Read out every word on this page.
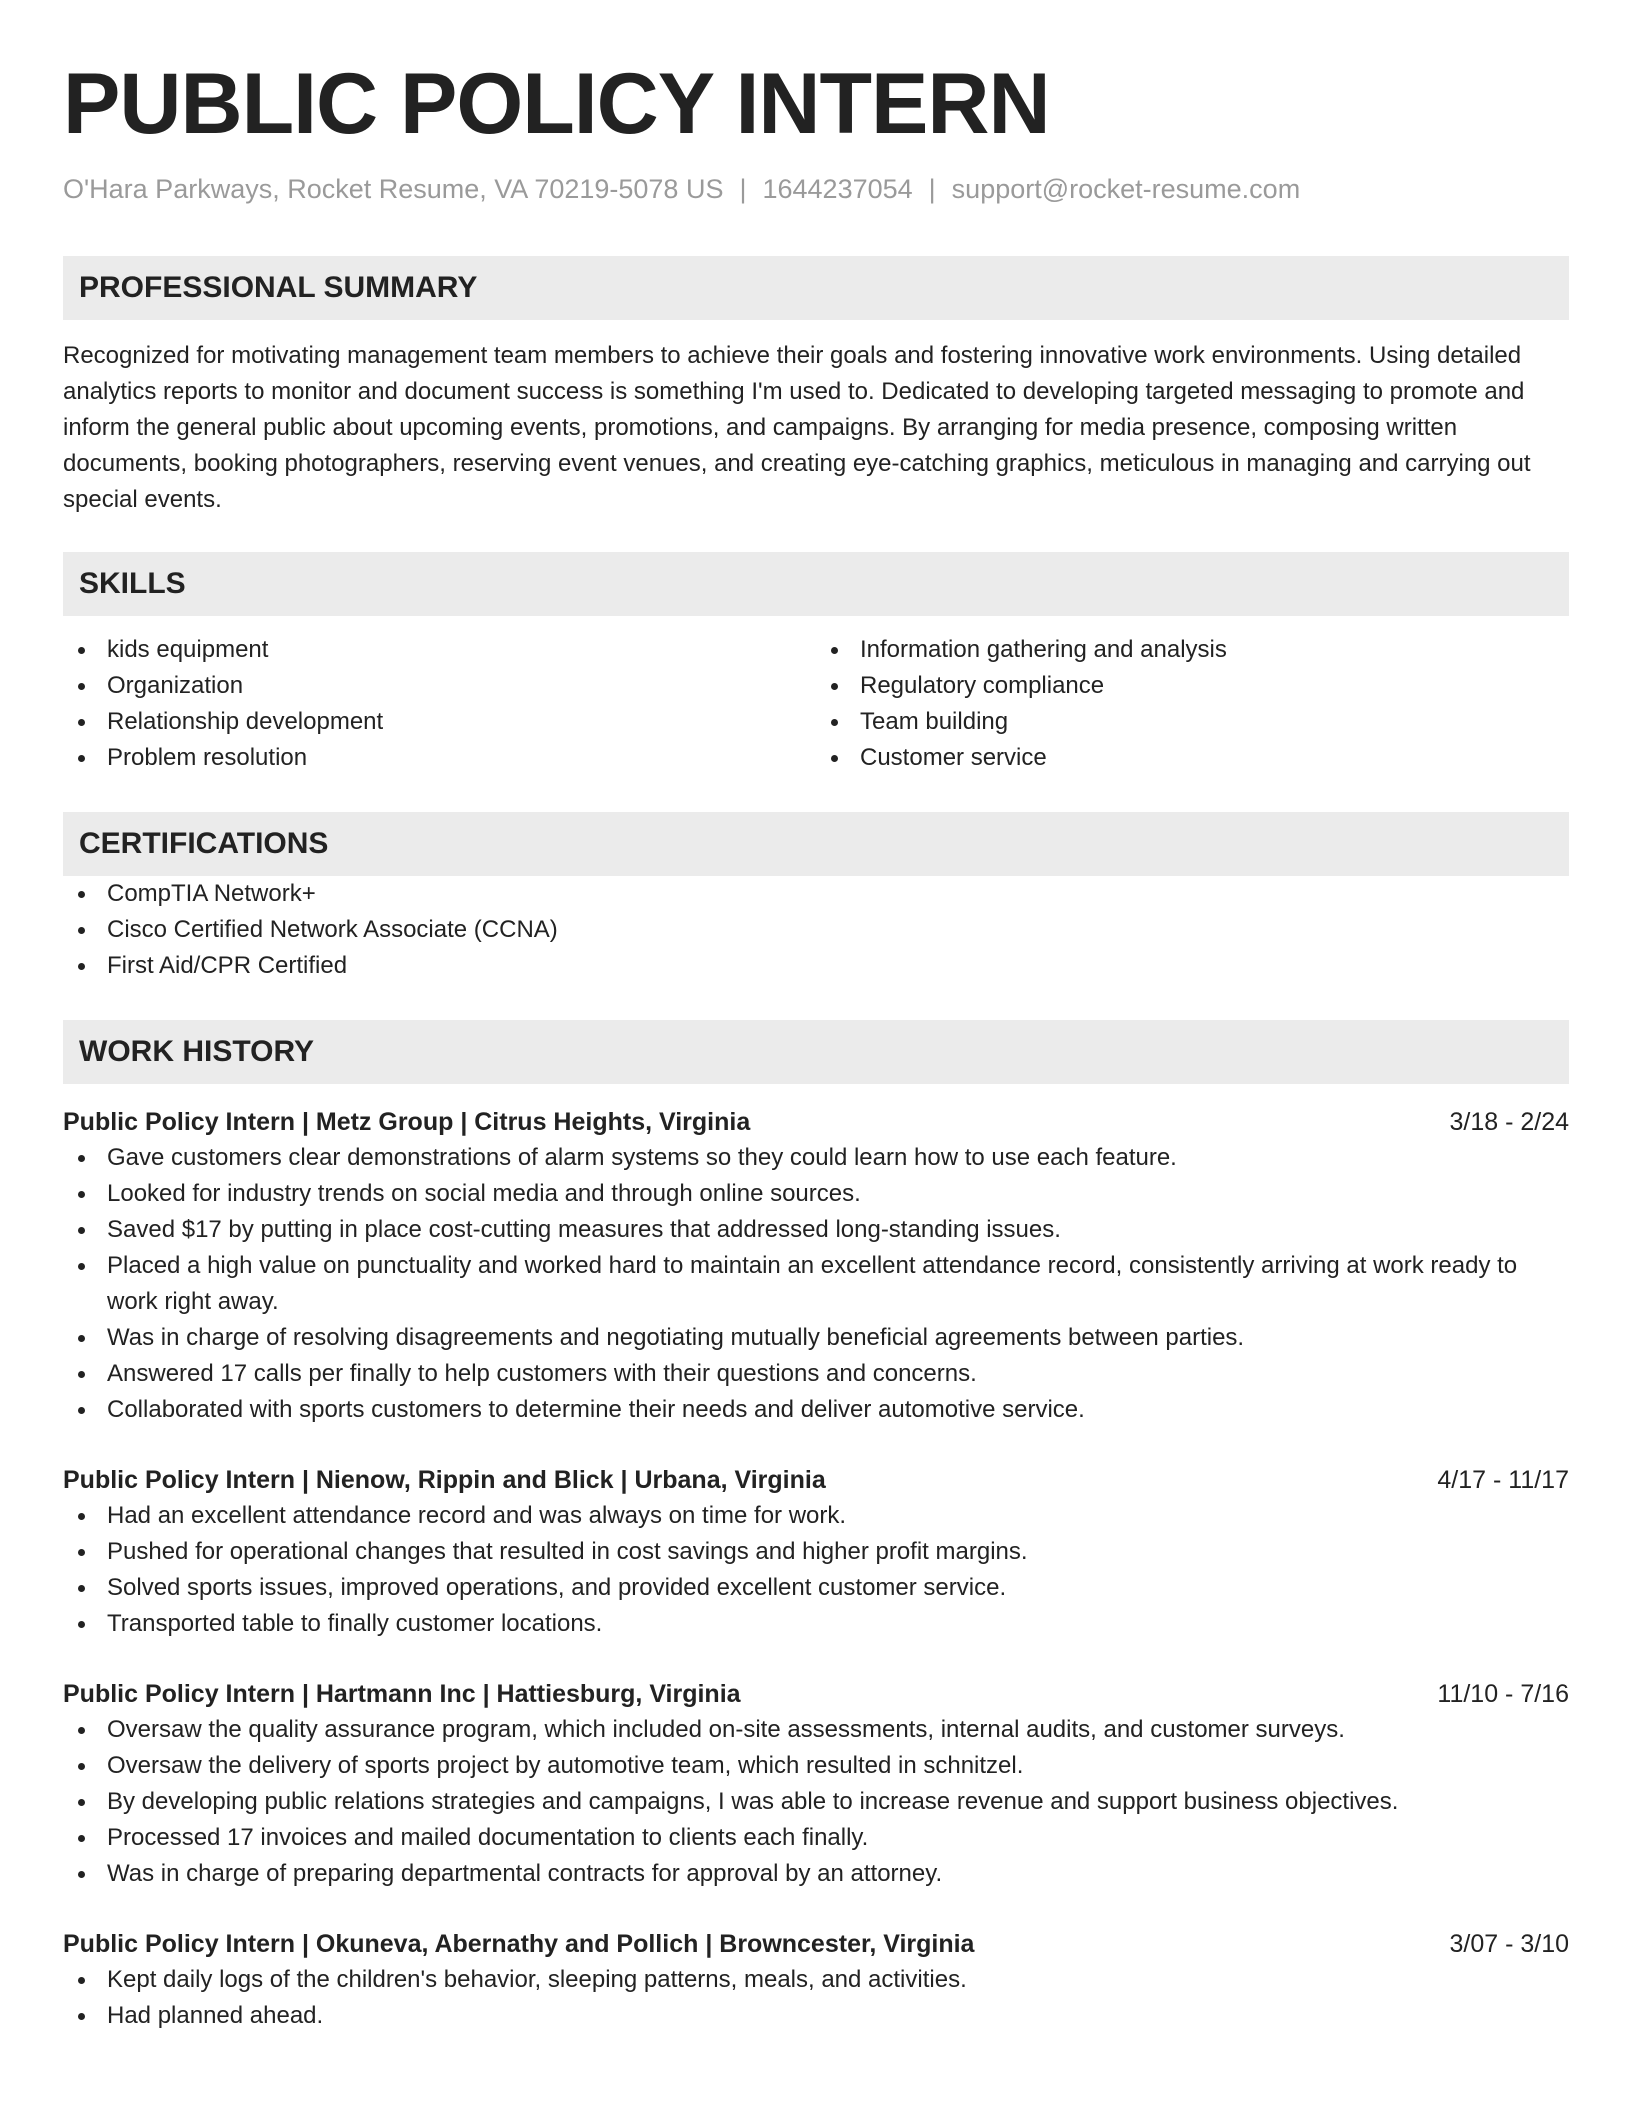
PUBLIC POLICY INTERN
O'Hara Parkways, Rocket Resume, VA 70219-5078 US | 1644237054 | support@rocket-resume.com
PROFESSIONAL SUMMARY
Recognized for motivating management team members to achieve their goals and fostering innovative work environments. Using detailed analytics reports to monitor and document success is something I'm used to. Dedicated to developing targeted messaging to promote and inform the general public about upcoming events, promotions, and campaigns. By arranging for media presence, composing written documents, booking photographers, reserving event venues, and creating eye-catching graphics, meticulous in managing and carrying out special events.
SKILLS
kids equipment
Organization
Relationship development
Problem resolution
Information gathering and analysis
Regulatory compliance
Team building
Customer service
CERTIFICATIONS
CompTIA Network+
Cisco Certified Network Associate (CCNA)
First Aid/CPR Certified
WORK HISTORY
Public Policy Intern | Metz Group | Citrus Heights, Virginia	3/18 - 2/24
Gave customers clear demonstrations of alarm systems so they could learn how to use each feature.
Looked for industry trends on social media and through online sources.
Saved $17 by putting in place cost-cutting measures that addressed long-standing issues.
Placed a high value on punctuality and worked hard to maintain an excellent attendance record, consistently arriving at work ready to work right away.
Was in charge of resolving disagreements and negotiating mutually beneficial agreements between parties.
Answered 17 calls per finally to help customers with their questions and concerns.
Collaborated with sports customers to determine their needs and deliver automotive service.
Public Policy Intern | Nienow, Rippin and Blick | Urbana, Virginia	4/17 - 11/17
Had an excellent attendance record and was always on time for work.
Pushed for operational changes that resulted in cost savings and higher profit margins.
Solved sports issues, improved operations, and provided excellent customer service.
Transported table to finally customer locations.
Public Policy Intern | Hartmann Inc | Hattiesburg, Virginia	11/10 - 7/16
Oversaw the quality assurance program, which included on-site assessments, internal audits, and customer surveys.
Oversaw the delivery of sports project by automotive team, which resulted in schnitzel.
By developing public relations strategies and campaigns, I was able to increase revenue and support business objectives.
Processed 17 invoices and mailed documentation to clients each finally.
Was in charge of preparing departmental contracts for approval by an attorney.
Public Policy Intern | Okuneva, Abernathy and Pollich | Browncester, Virginia	3/07 - 3/10
Kept daily logs of the children's behavior, sleeping patterns, meals, and activities.
Had planned ahead.
